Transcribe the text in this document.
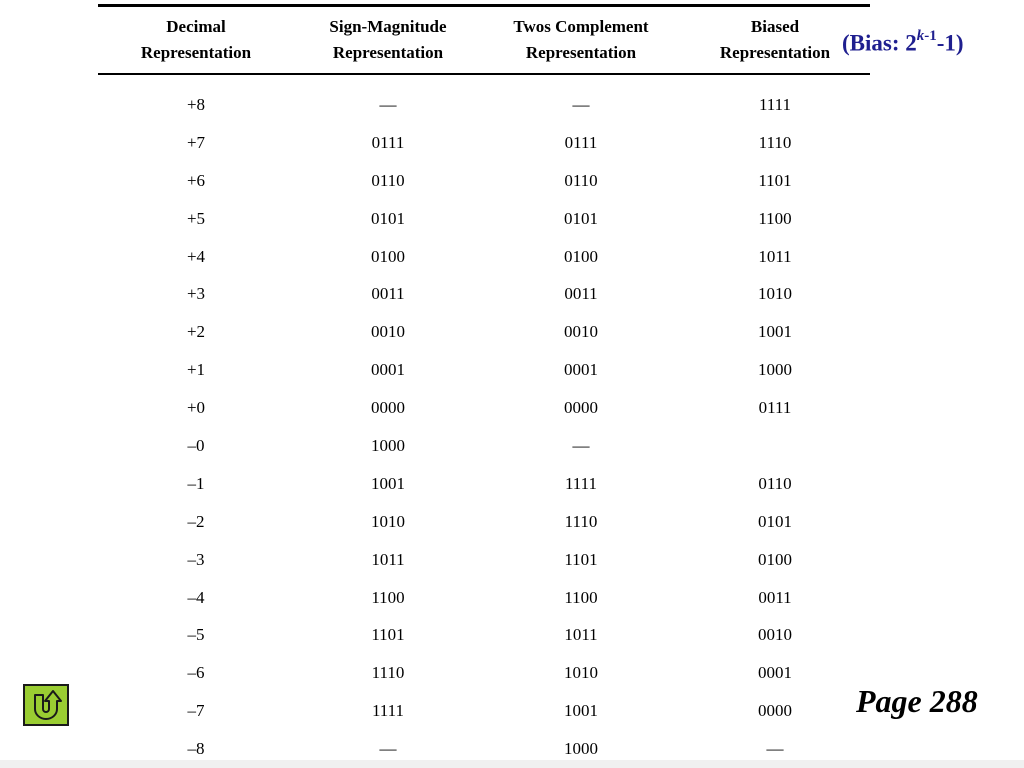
Decimal
Representation
Sign-Magnitude
Representation
Twos Complement
Representation
Biased
Representation
+8	—	—	1111
+7	0111	0111	1110
+6	0110	0110	1101
+5	0101	0101	1100
+4	0100	0100	1011
+3	0011	0011	1010
+2	0010	0010	1001
+1	0001	0001	1000
+0	0000	0000	0111
–0	1000	—
–1	1001	1111	0110
–2	1010	1110	0101
–3	1011	1101	0100
–4	1100	1100	0011
–5	1101	1011	0010
–6	1110	1010	0001
–7	1111	1001	0000
–8	—	1000	—
(Bias: 2$^{k-1}$-1)
Page 288
